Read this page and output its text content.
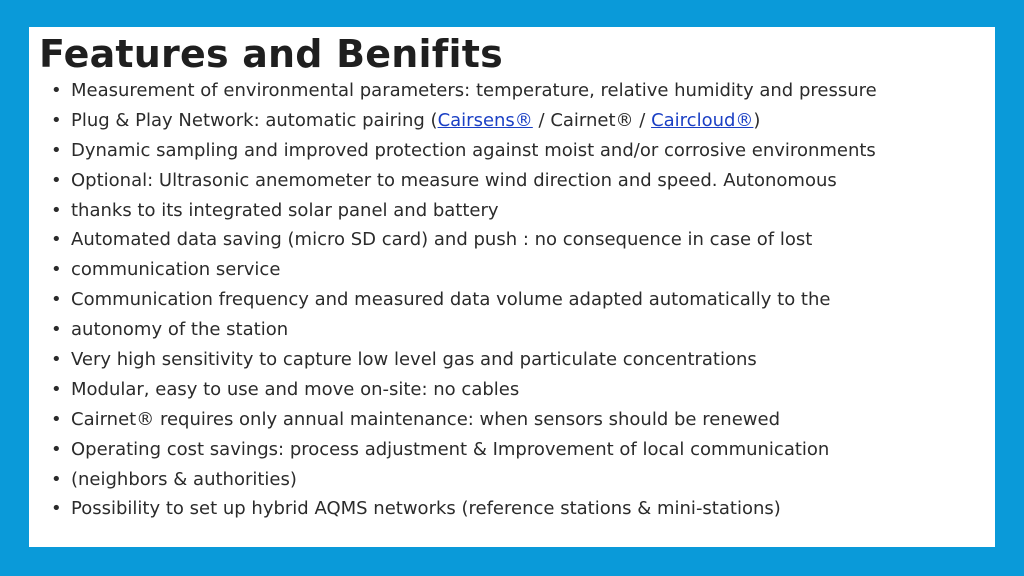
Features and Benifits
• Measurement of environmental parameters: temperature, relative humidity and pressure
• Plug & Play Network: automatic pairing (Cairsens® / Cairnet® / Caircloud®)
• Dynamic sampling and improved protection against moist and/or corrosive environments
• Optional: Ultrasonic anemometer to measure wind direction and speed. Autonomous
• thanks to its integrated solar panel and battery
• Automated data saving (micro SD card) and push : no consequence in case of lost
• communication service
• Communication frequency and measured data volume adapted automatically to the
• autonomy of the station
• Very high sensitivity to capture low level gas and particulate concentrations
• Modular, easy to use and move on-site: no cables
• Cairnet® requires only annual maintenance: when sensors should be renewed
• Operating cost savings: process adjustment & Improvement of local communication
• (neighbors & authorities)
• Possibility to set up hybrid AQMS networks (reference stations & mini-stations)
